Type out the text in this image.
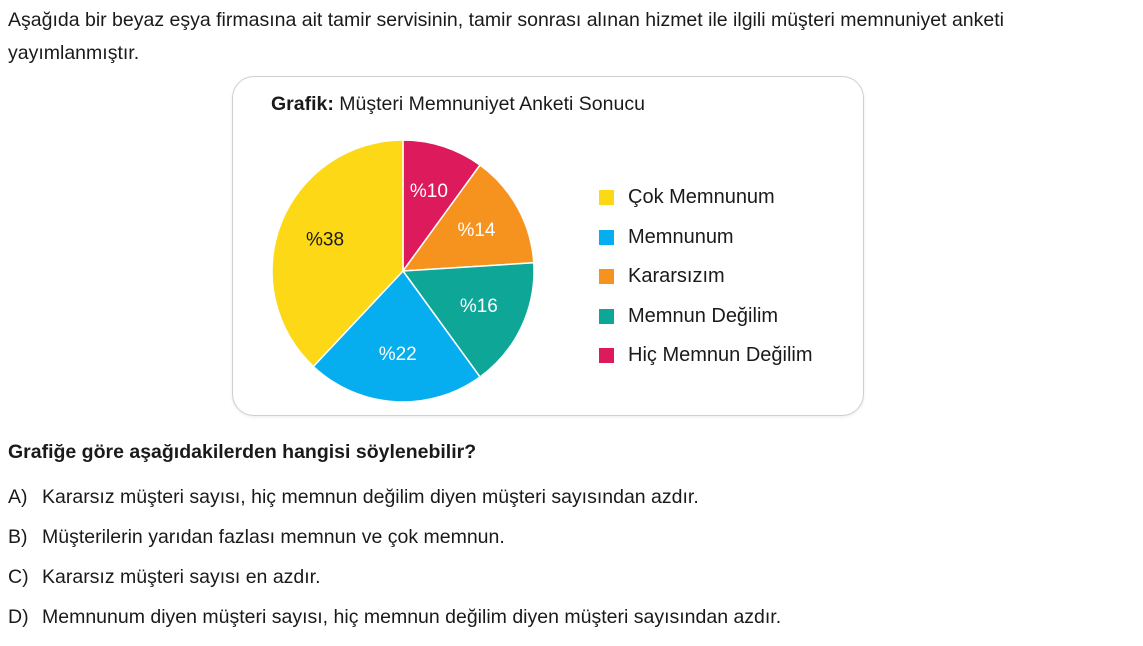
Aşağıda bir beyaz eşya firmasına ait tamir servisinin, tamir sonrası alınan hizmet ile ilgili müşteri memnuniyet anketi yayımlanmıştır.

Grafik: Müşteri Memnuniyet Anketi Sonucu
%10
%14
%16
%22
%38
Çok Memnunum
Memnunum
Kararsızım
Memnun Değilim
Hiç Memnun Değilim

Grafiğe göre aşağıdakilerden hangisi söylenebilir?

A) Kararsız müşteri sayısı, hiç memnun değilim diyen müşteri sayısından azdır.
B) Müşterilerin yarıdan fazlası memnun ve çok memnun.
C) Kararsız müşteri sayısı en azdır.
D) Memnunum diyen müşteri sayısı, hiç memnun değilim diyen müşteri sayısından azdır.
